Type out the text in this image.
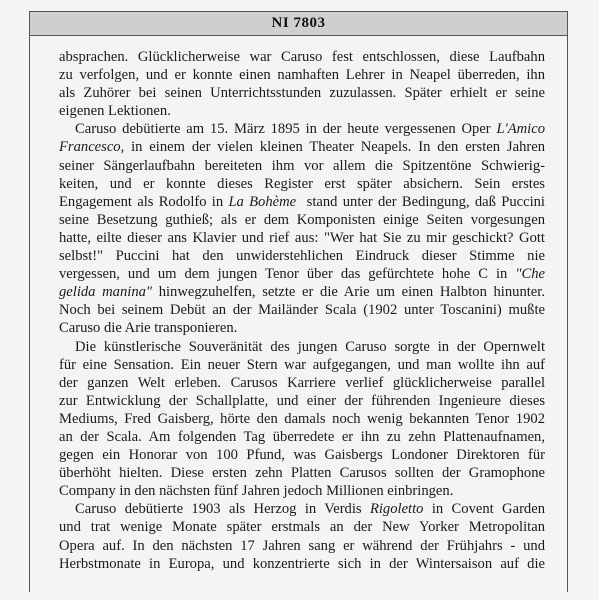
NI 7803
absprachen. Glücklicherweise war Caruso fest entschlossen, diese Laufbahn
zu verfolgen, und er konnte einen namhaften Lehrer in Neapel überreden, ihn
als Zuhörer bei seinen Unterrichtsstunden zuzulassen. Später erhielt er seine
eigenen Lektionen.
Caruso debütierte am 15. März 1895 in der heute vergessenen Oper L'Amico
Francesco, in einem der vielen kleinen Theater Neapels. In den ersten Jahren
seiner Sängerlaufbahn bereiteten ihm vor allem die Spitzentöne Schwierig-
keiten, und er konnte dieses Register erst später absichern. Sein erstes
Engagement als Rodolfo in La Bohème  stand unter der Bedingung, daß Puccini
seine Besetzung guthieß; als er dem Komponisten einige Seiten vorgesungen
hatte, eilte dieser ans Klavier und rief aus: "Wer hat Sie zu mir geschickt? Gott
selbst!" Puccini hat den unwiderstehlichen Eindruck dieser Stimme nie
vergessen, und um dem jungen Tenor über das gefürchtete hohe C in "Che
gelida manina" hinwegzuhelfen, setzte er die Arie um einen Halbton hinunter.
Noch bei seinem Debüt an der Mailänder Scala (1902 unter Toscanini) mußte
Caruso die Arie transponieren.
Die künstlerische Souveränität des jungen Caruso sorgte in der Opernwelt
für eine Sensation. Ein neuer Stern war aufgegangen, und man wollte ihn auf
der ganzen Welt erleben. Carusos Karriere verlief glücklicherweise parallel
zur Entwicklung der Schallplatte, und einer der führenden Ingenieure dieses
Mediums, Fred Gaisberg, hörte den damals noch wenig bekannten Tenor 1902
an der Scala. Am folgenden Tag überredete er ihn zu zehn Plattenaufnamen,
gegen ein Honorar von 100 Pfund, was Gaisbergs Londoner Direktoren für
überhöht hielten. Diese ersten zehn Platten Carusos sollten der Gramophone
Company in den nächsten fünf Jahren jedoch Millionen einbringen.
Caruso debütierte 1903 als Herzog in Verdis Rigoletto in Covent Garden
und trat wenige Monate später erstmals an der New Yorker Metropolitan
Opera auf. In den nächsten 17 Jahren sang er während der Frühjahrs - und
Herbstmonate in Europa, und konzentrierte sich in der Wintersaison auf die
